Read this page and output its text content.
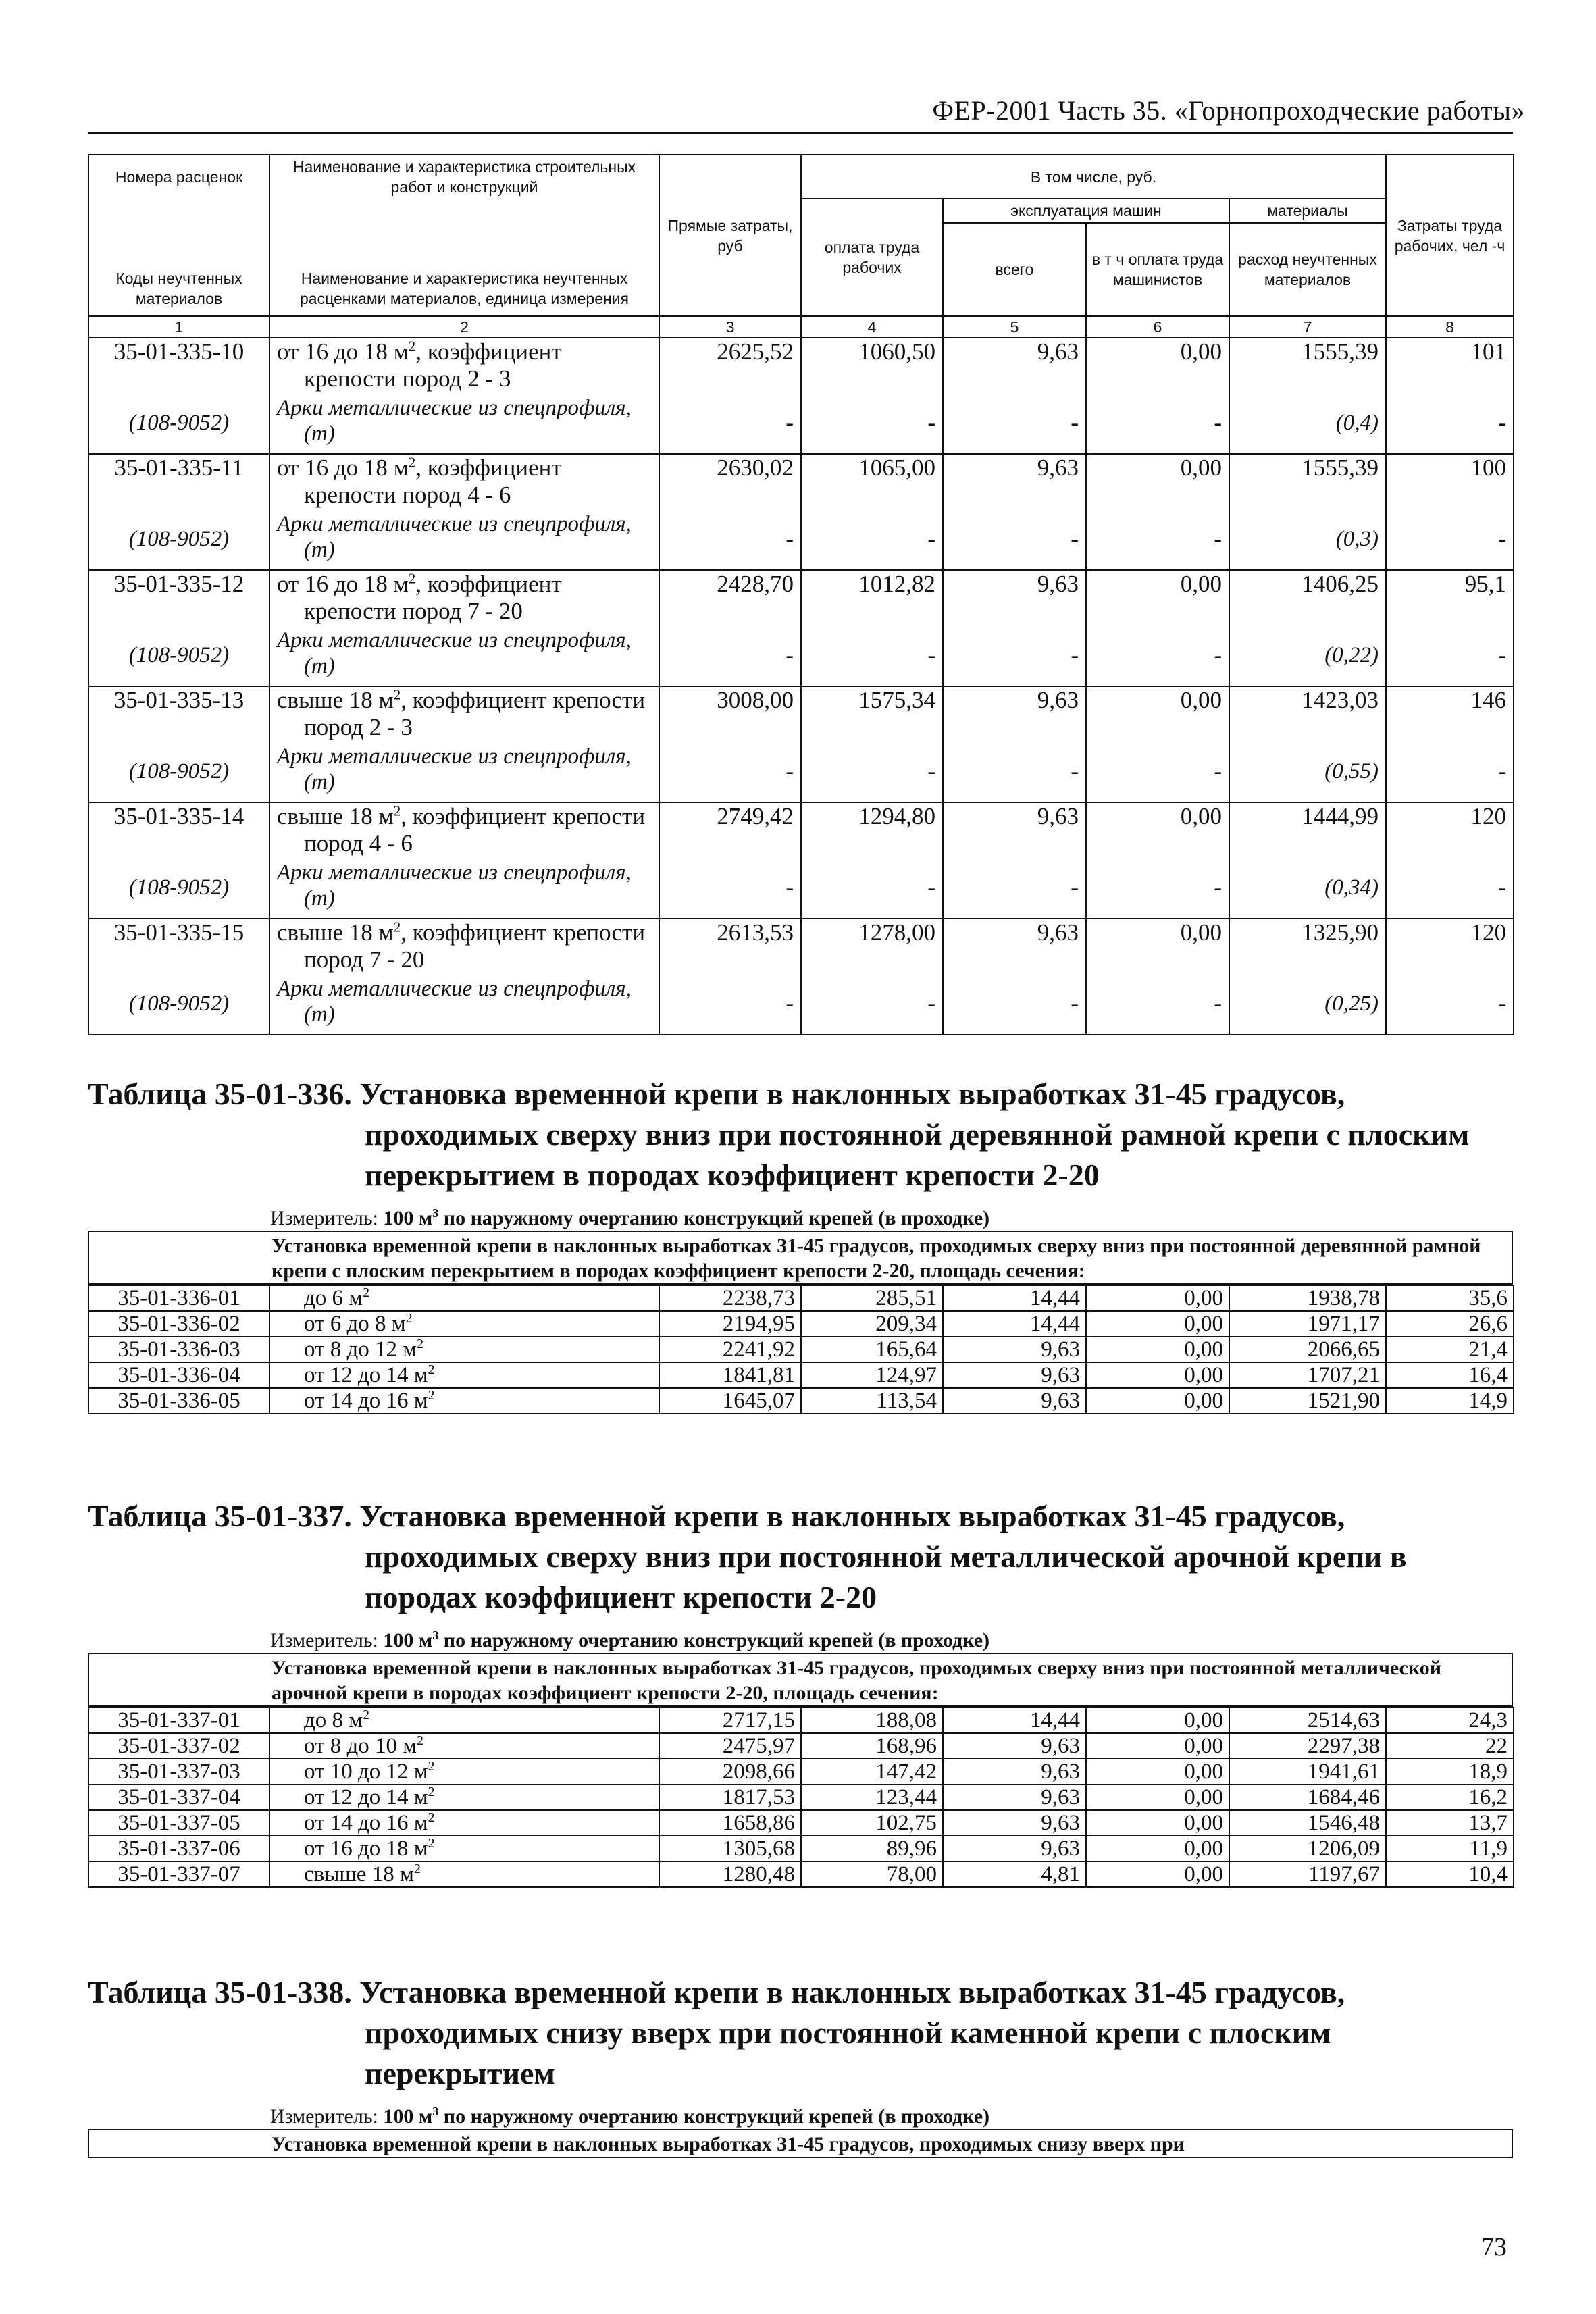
ФЕР-2001 Часть 35. «Горнопроходческие работы»
Номера расценок	Наименование и характеристика строительных работ и конструкций	Прямые затраты, руб	В том числе, руб.				Затраты труда рабочих, чел -ч
Коды неучтенных материалов	Наименование и характеристика неучтенных расценками материалов, единица измерения		оплата труда рабочих	эксплуатация машин		материалы	
				всего	в т ч оплата труда машинистов	расход неучтенных материалов	
1	2	3	4	5	6	7	8
35-01-335-10	от 16 до 18 $м^2$, коэффициент крепости пород 2 - 3	2625,52	1060,50	9,63	0,00	1555,39	101
(108-9052)	Арки металлические из спецпрофиля, (т)	-	-	-	-	(0,4)	-
35-01-335-11	от 16 до 18 $м^2$, коэффициент крепости пород 4 - 6	2630,02	1065,00	9,63	0,00	1555,39	100
(108-9052)	Арки металлические из спецпрофиля, (т)	-	-	-	-	(0,3)	-
35-01-335-12	от 16 до 18 $м^2$, коэффициент крепости пород 7 - 20	2428,70	1012,82	9,63	0,00	1406,25	95,1
(108-9052)	Арки металлические из спецпрофиля, (т)	-	-	-	-	(0,22)	-
35-01-335-13	свыше 18 $м^2$, коэффициент крепости пород 2 - 3	3008,00	1575,34	9,63	0,00	1423,03	146
(108-9052)	Арки металлические из спецпрофиля, (т)	-	-	-	-	(0,55)	-
35-01-335-14	свыше 18 $м^2$, коэффициент крепости пород 4 - 6	2749,42	1294,80	9,63	0,00	1444,99	120
(108-9052)	Арки металлические из спецпрофиля, (т)	-	-	-	-	(0,34)	-
35-01-335-15	свыше 18 $м^2$, коэффициент крепости пород 7 - 20	2613,53	1278,00	9,63	0,00	1325,90	120
(108-9052)	Арки металлические из спецпрофиля, (т)	-	-	-	-	(0,25)	-
Таблица 35-01-336. Установка временной крепи в наклонных выработках 31-45 градусов, проходимых сверху вниз при постоянной деревянной рамной крепи с плоским перекрытием в породах коэффициент крепости 2-20
Измеритель: 100 $м^3$ по наружному очертанию конструкций крепей (в проходке)
Установка временной крепи в наклонных выработках 31-45 градусов, проходимых сверху вниз при постоянной деревянной рамной крепи с плоским перекрытием в породах коэффициент крепости 2-20, площадь сечения:
35-01-336-01	до 6 $м^2$	2238,73	285,51	14,44	0,00	1938,78	35,6
35-01-336-02	от 6 до 8 $м^2$	2194,95	209,34	14,44	0,00	1971,17	26,6
35-01-336-03	от 8 до 12 $м^2$	2241,92	165,64	9,63	0,00	2066,65	21,4
35-01-336-04	от 12 до 14 $м^2$	1841,81	124,97	9,63	0,00	1707,21	16,4
35-01-336-05	от 14 до 16 $м^2$	1645,07	113,54	9,63	0,00	1521,90	14,9
Таблица 35-01-337. Установка временной крепи в наклонных выработках 31-45 градусов, проходимых сверху вниз при постоянной металлической арочной крепи в породах коэффициент крепости 2-20
Измеритель: 100 $м^3$ по наружному очертанию конструкций крепей (в проходке)
Установка временной крепи в наклонных выработках 31-45 градусов, проходимых сверху вниз при постоянной металлической арочной крепи в породах коэффициент крепости 2-20, площадь сечения:
35-01-337-01	до 8 $м^2$	2717,15	188,08	14,44	0,00	2514,63	24,3
35-01-337-02	от 8 до 10 $м^2$	2475,97	168,96	9,63	0,00	2297,38	22
35-01-337-03	от 10 до 12 $м^2$	2098,66	147,42	9,63	0,00	1941,61	18,9
35-01-337-04	от 12 до 14 $м^2$	1817,53	123,44	9,63	0,00	1684,46	16,2
35-01-337-05	от 14 до 16 $м^2$	1658,86	102,75	9,63	0,00	1546,48	13,7
35-01-337-06	от 16 до 18 $м^2$	1305,68	89,96	9,63	0,00	1206,09	11,9
35-01-337-07	свыше 18 $м^2$	1280,48	78,00	4,81	0,00	1197,67	10,4
Таблица 35-01-338. Установка временной крепи в наклонных выработках 31-45 градусов, проходимых снизу вверх при постоянной каменной крепи с плоским перекрытием
Измеритель: 100 $м^3$ по наружному очертанию конструкций крепей (в проходке)
Установка временной крепи в наклонных выработках 31-45 градусов, проходимых снизу вверх при
73
